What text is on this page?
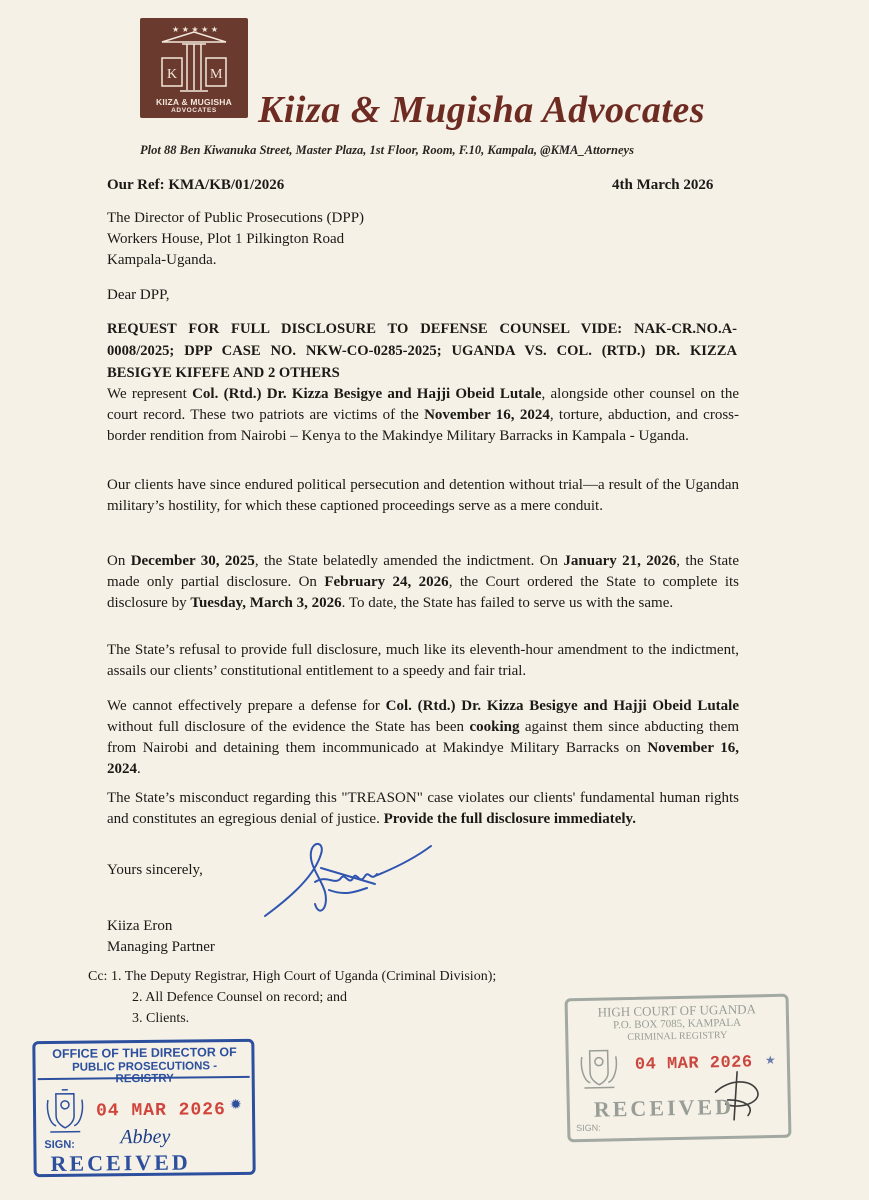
★ ★ ★ ★ ★
K M
KIIZA & MUGISHA
ADVOCATES	Kiiza & Mugisha Advocates
Plot 88 Ben Kiwanuka Street, Master Plaza, 1st Floor, Room, F.10, Kampala, @KMA_Attorneys
Our Ref: KMA/KB/01/2026	4th March 2026
The Director of Public Prosecutions (DPP)
Workers House, Plot 1 Pilkington Road
Kampala-Uganda.
Dear DPP,
REQUEST FOR FULL DISCLOSURE TO DEFENSE COUNSEL VIDE: NAK-CR.NO.A-0008/2025; DPP CASE NO. NKW-CO-0285-2025; UGANDA VS. COL. (RTD.) DR. KIZZA BESIGYE KIFEFE AND 2 OTHERS
We represent Col. (Rtd.) Dr. Kizza Besigye and Hajji Obeid Lutale, alongside other counsel on the court record. These two patriots are victims of the November 16, 2024, torture, abduction, and cross-border rendition from Nairobi – Kenya to the Makindye Military Barracks in Kampala - Uganda.
Our clients have since endured political persecution and detention without trial—a result of the Ugandan military’s hostility, for which these captioned proceedings serve as a mere conduit.
On December 30, 2025, the State belatedly amended the indictment. On January 21, 2026, the State made only partial disclosure. On February 24, 2026, the Court ordered the State to complete its disclosure by Tuesday, March 3, 2026. To date, the State has failed to serve us with the same.
The State’s refusal to provide full disclosure, much like its eleventh-hour amendment to the indictment, assails our clients’ constitutional entitlement to a speedy and fair trial.
We cannot effectively prepare a defense for Col. (Rtd.) Dr. Kizza Besigye and Hajji Obeid Lutale without full disclosure of the evidence the State has been cooking against them since abducting them from Nairobi and detaining them incommunicado at Makindye Military Barracks on November 16, 2024.
The State’s misconduct regarding this "TREASON" case violates our clients' fundamental human rights and constitutes an egregious denial of justice. Provide the full disclosure immediately.
Yours sincerely,
Kiiza Eron
Managing Partner
Cc: 1. The Deputy Registrar, High Court of Uganda (Criminal Division);
2. All Defence Counsel on record; and
3. Clients.
OFFICE OF THE DIRECTOR OF
PUBLIC PROSECUTIONS - REGISTRY
04 MAR 2026 ✹
Abbey
SIGN:
RECEIVED
HIGH COURT OF UGANDA
P.O. BOX 7085, KAMPALA
CRIMINAL REGISTRY
04 MAR 2026 ★
RECEIVED
SIGN:
